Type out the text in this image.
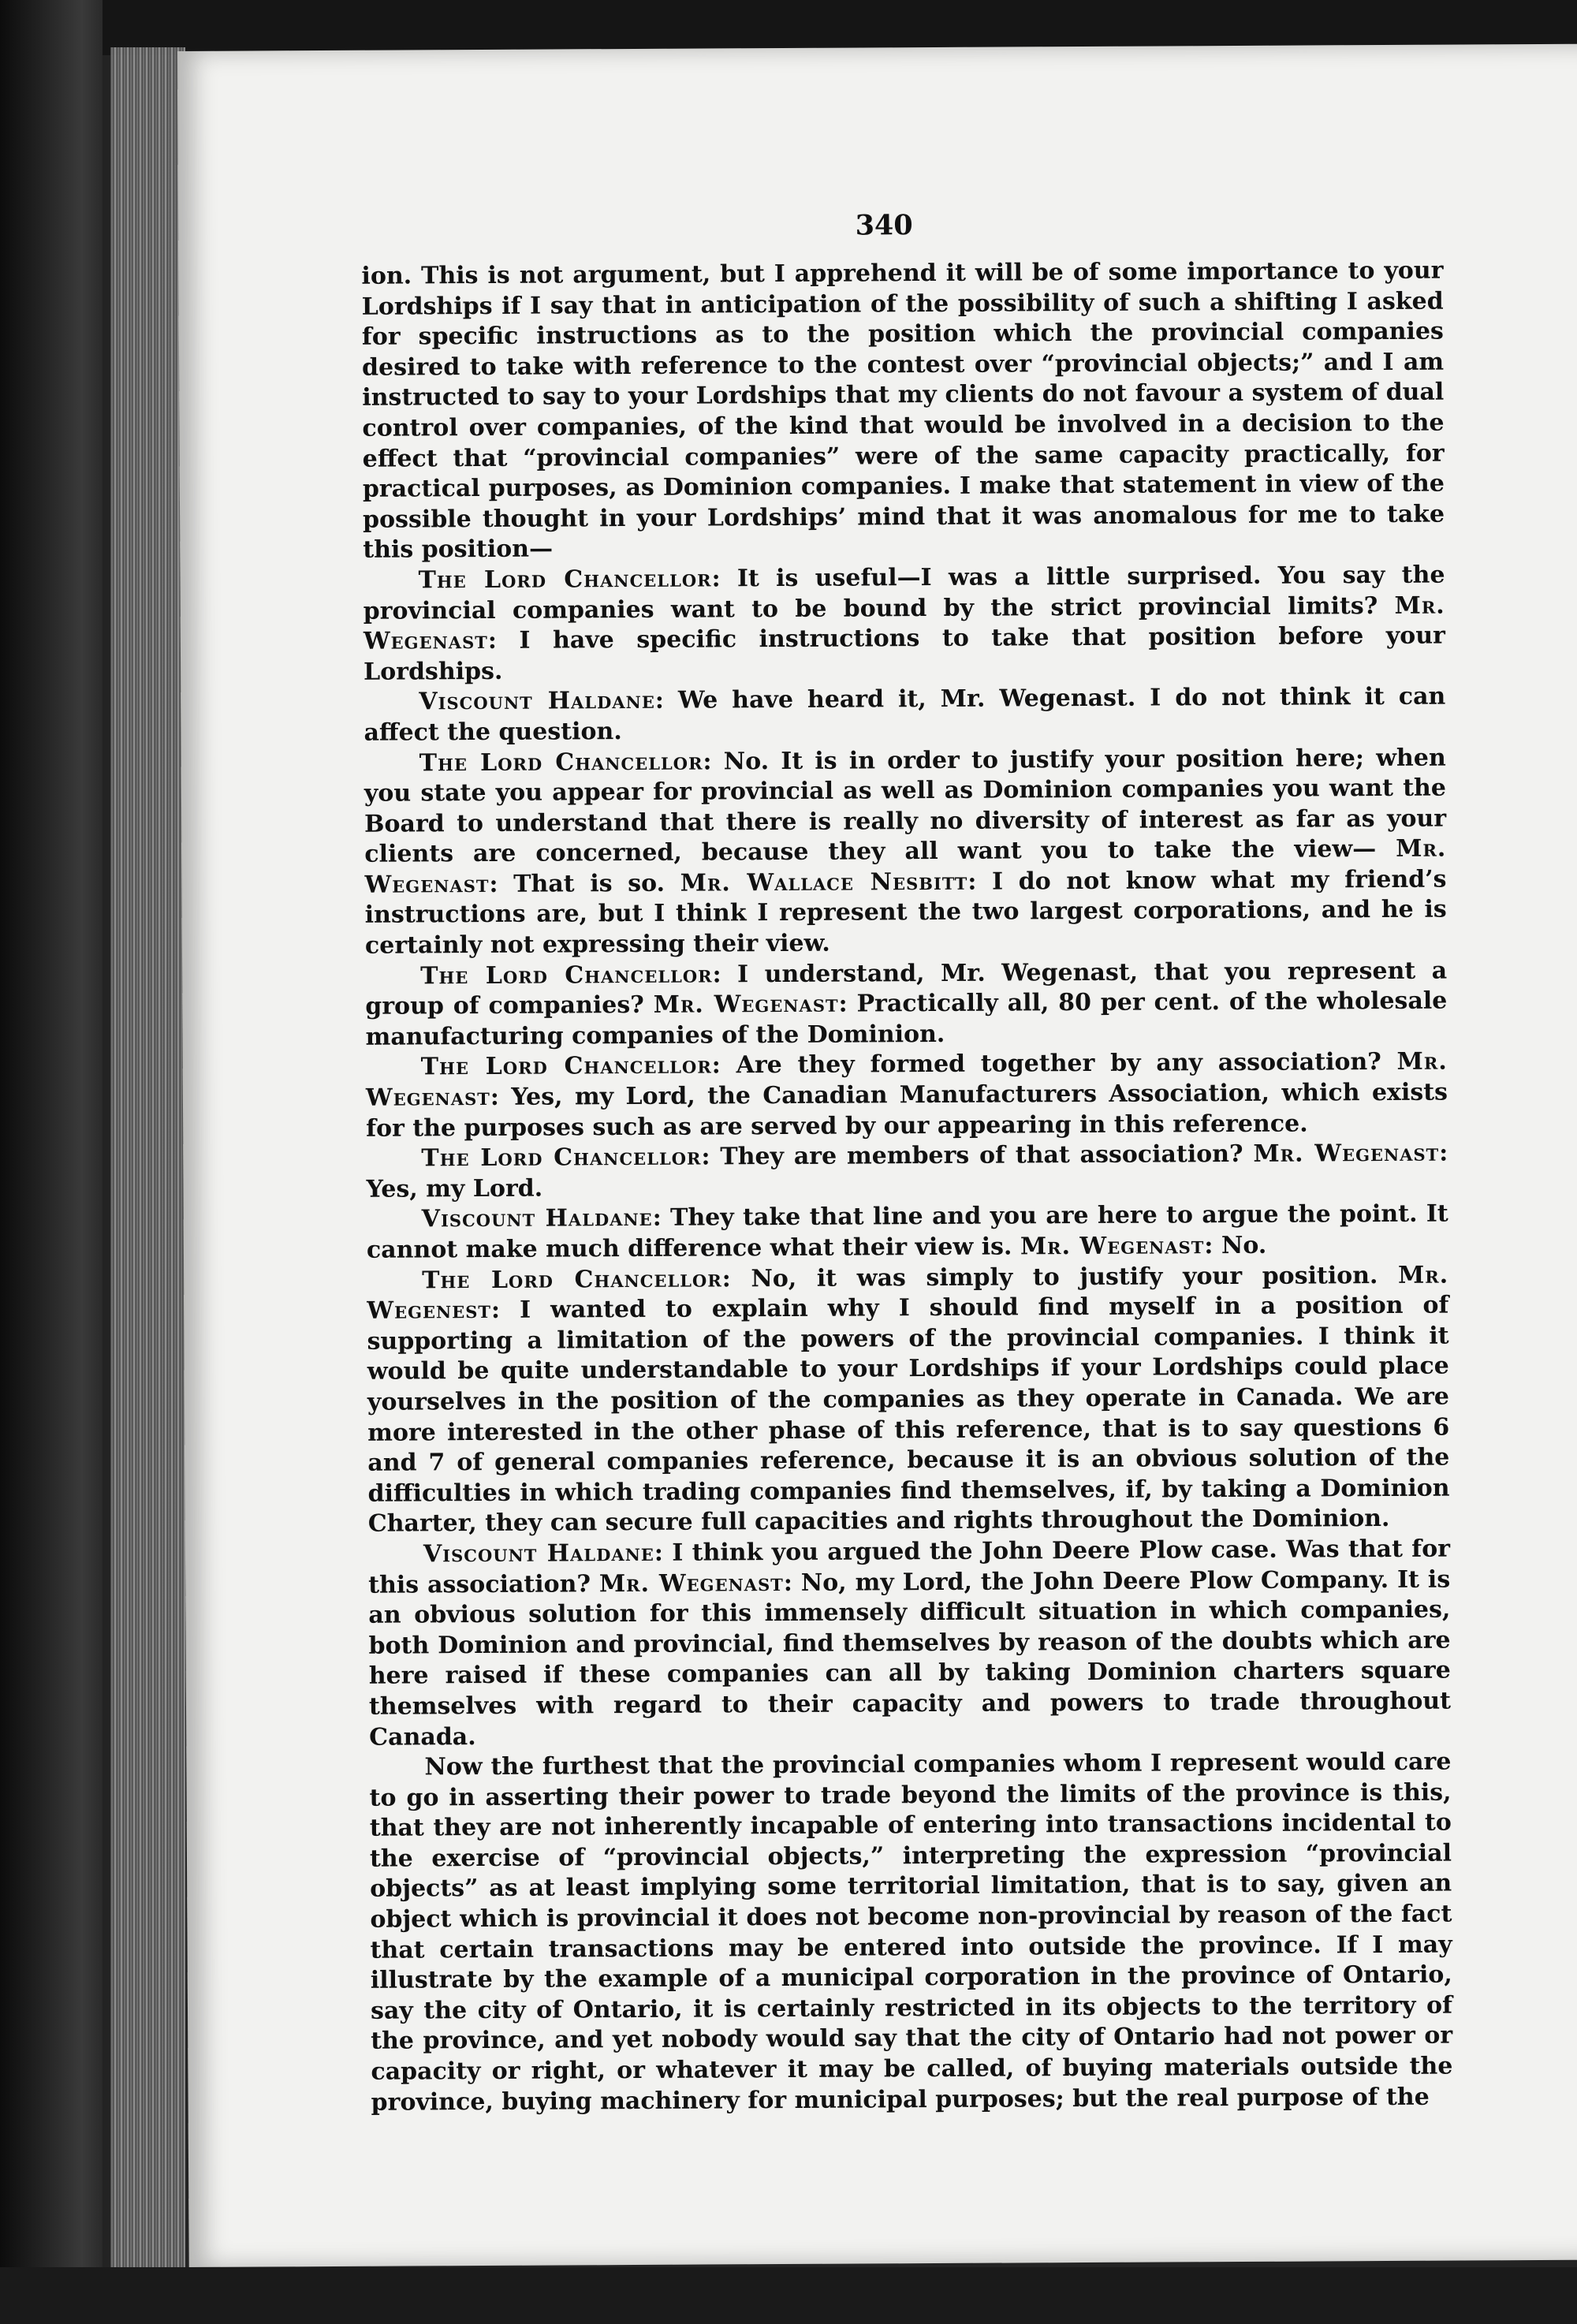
340

ion. This is not argument, but I apprehend it will be of some importance to your Lordships if I say that in anticipation of the possibility of such a shifting I asked for specific instructions as to the position which the provincial companies desired to take with reference to the contest over “provincial objects;” and I am instructed to say to your Lordships that my clients do not favour a system of dual control over companies, of the kind that would be involved in a decision to the effect that “provincial companies” were of the same capacity practically, for practical purposes, as Dominion companies. I make that statement in view of the possible thought in your Lordships’ mind that it was anomalous for me to take this position—

The Lord Chancellor: It is useful—I was a little surprised. You say the provincial companies want to be bound by the strict provincial limits? Mr. Wegenast: I have specific instructions to take that position before your Lordships.

Viscount Haldane: We have heard it, Mr. Wegenast. I do not think it can affect the question.

The Lord Chancellor: No. It is in order to justify your position here; when you state you appear for provincial as well as Dominion companies you want the Board to understand that there is really no diversity of interest as far as your clients are concerned, because they all want you to take the view— Mr. Wegenast: That is so. Mr. Wallace Nesbitt: I do not know what my friend’s instructions are, but I think I represent the two largest corporations, and he is certainly not expressing their view.

The Lord Chancellor: I understand, Mr. Wegenast, that you represent a group of companies? Mr. Wegenast: Practically all, 80 per cent. of the wholesale manufacturing companies of the Dominion.

The Lord Chancellor: Are they formed together by any association? Mr. Wegenast: Yes, my Lord, the Canadian Manufacturers Association, which exists for the purposes such as are served by our appearing in this reference.

The Lord Chancellor: They are members of that association? Mr. Wegenast: Yes, my Lord.

Viscount Haldane: They take that line and you are here to argue the point. It cannot make much difference what their view is. Mr. Wegenast: No.

The Lord Chancellor: No, it was simply to justify your position. Mr. Wegenest: I wanted to explain why I should find myself in a position of supporting a limitation of the powers of the provincial companies. I think it would be quite understandable to your Lordships if your Lordships could place yourselves in the position of the companies as they operate in Canada. We are more interested in the other phase of this reference, that is to say questions 6 and 7 of general companies reference, because it is an obvious solution of the difficulties in which trading companies find themselves, if, by taking a Dominion Charter, they can secure full capacities and rights throughout the Dominion.

Viscount Haldane: I think you argued the John Deere Plow case. Was that for this association? Mr. Wegenast: No, my Lord, the John Deere Plow Company. It is an obvious solution for this immensely difficult situation in which companies, both Dominion and provincial, find themselves by reason of the doubts which are here raised if these companies can all by taking Dominion charters square themselves with regard to their capacity and powers to trade throughout Canada.

Now the furthest that the provincial companies whom I represent would care to go in asserting their power to trade beyond the limits of the province is this, that they are not inherently incapable of entering into transactions incidental to the exercise of “provincial objects,” interpreting the expression “provincial objects” as at least implying some territorial limitation, that is to say, given an object which is provincial it does not become non-provincial by reason of the fact that certain transactions may be entered into outside the province. If I may illustrate by the example of a municipal corporation in the province of Ontario, say the city of Ontario, it is certainly restricted in its objects to the territory of the province, and yet nobody would say that the city of Ontario had not power or capacity or right, or whatever it may be called, of buying materials outside the province, buying machinery for municipal purposes; but the real purpose of the
